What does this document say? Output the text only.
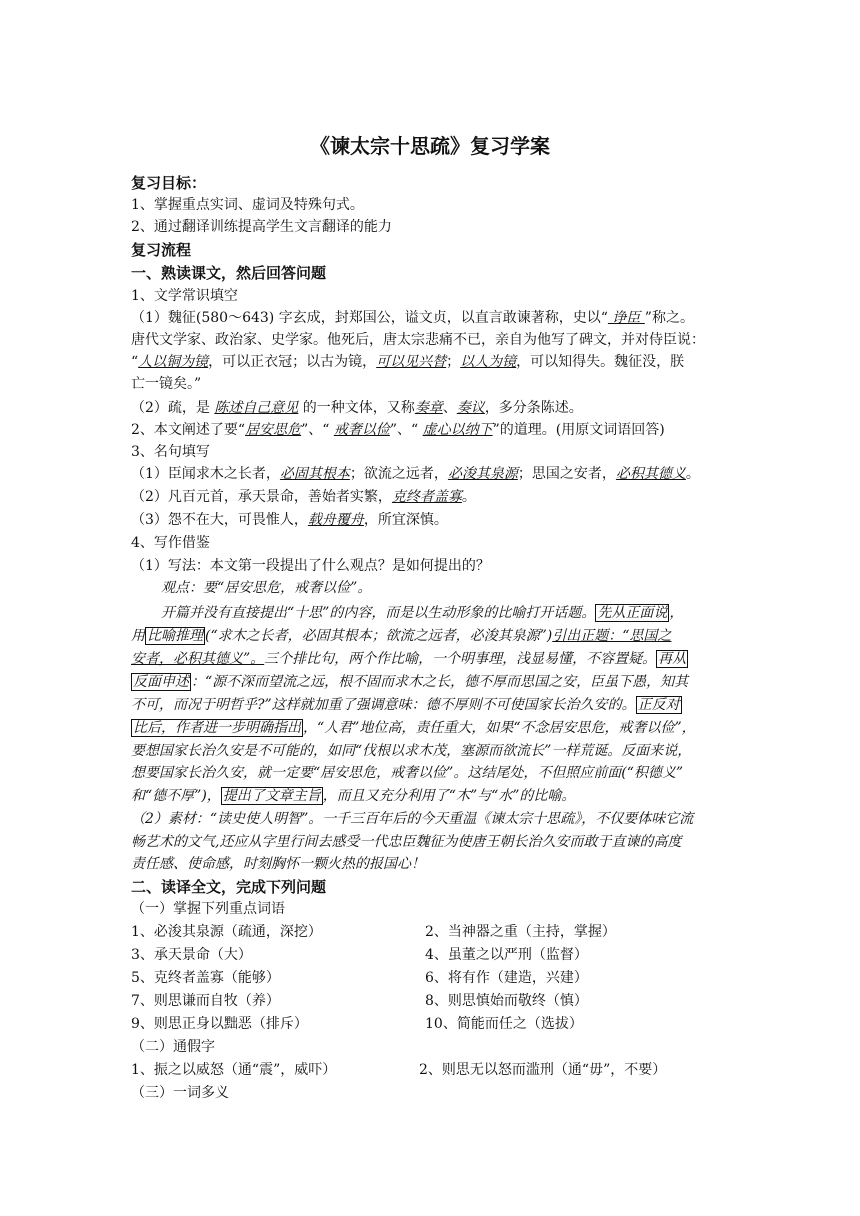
《谏太宗十思疏》复习学案
复习目标：
1、掌握重点实词、虚词及特殊句式。
2、通过翻译训练提高学生文言翻译的能力
复习流程
一、熟读课文，然后回答问题
1、文学常识填空
（1）魏征(580～643) 字玄成，封郑国公，谥文贞，以直言敢谏著称，史以“ 诤臣 ”称之。
唐代文学家、政治家、史学家。他死后，唐太宗悲痛不已，亲自为他写了碑文，并对侍臣说：
“人以铜为镜，可以正衣冠；以古为镜，可以见兴替；以人为镜，可以知得失。魏征没，朕
亡一镜矣。”
（2）疏，是 陈述自己意见 的一种文体，又称奏章、奏议，多分条陈述。
2、本文阐述了要“居安思危”、“ 戒奢以俭”、“ 虚心以纳下”的道理。(用原文词语回答)
3、名句填写
（1）臣闻求木之长者，必固其根本；欲流之远者，必浚其泉源；思国之安者，必积其德义。
（2）凡百元首，承天景命，善始者实繁，克终者盖寡。
（3）怨不在大，可畏惟人，载舟覆舟，所宜深慎。
4、写作借鉴
（1）写法：本文第一段提出了什么观点？是如何提出的？
观点：要“居安思危，戒奢以俭”。
开篇并没有直接提出“十思”的内容，而是以生动形象的比喻打开话题。 先从正面说 ，
用 比喻推理 (“求木之长者，必固其根本；欲流之远者，必浚其泉源”)引出正题：“思国之
安者，必积其德义”。三个排比句，两个作比喻，一个明事理，浅显易懂，不容置疑。 再从
反面申述 ：“源不深而望流之远，根不固而求木之长，德不厚而思国之安，臣虽下愚，知其
不可，而况于明哲乎?”这样就加重了强调意味：德不厚则不可使国家长治久安的。 正反对
比后，作者进一步明确指出 ，“人君”地位高，责任重大，如果“不念居安思危，戒奢以俭”，
要想国家长治久安是不可能的，如同“伐根以求木茂，塞源而欲流长”一样荒诞。反面来说，
想要国家长治久安，就一定要“居安思危，戒奢以俭”。这结尾处，不但照应前面(“积德义”
和“德不厚”)， 提出了文章主旨 ，而且又充分利用了“木”与“水”的比喻。
（2）素材：“读史使人明智”。一千三百年后的今天重温《谏太宗十思疏》，不仅要体味它流
畅艺术的文气,还应从字里行间去感受一代忠臣魏征为使唐王朝长治久安而敢于直谏的高度
责任感、使命感，时刻胸怀一颗火热的报国心！
二、读译全文，完成下列问题
（一）掌握下列重点词语
1、必浚其泉源（疏通，深挖）	2、当神器之重（主持，掌握）
3、承天景命（大）	4、虽董之以严刑（监督）
5、克终者盖寡（能够）	6、将有作（建造，兴建）
7、则思谦而自牧（养）	8、则思慎始而敬终（慎）
9、则思正身以黜恶（排斥）	10、简能而任之（选拔）
（二）通假字
1、振之以威怒（通“震”，威吓）	2、则思无以怒而滥刑（通“毋”，不要）
（三）一词多义
